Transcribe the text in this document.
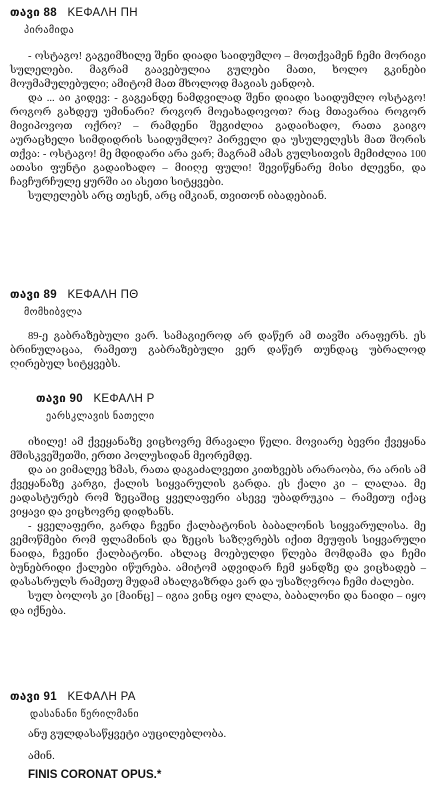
თავი 88 ΚΕΦΑΛΗ ΠΗ
პირამიდა

- ოსტაგო! გაგეიმხილე შენი დიადი საიდუმლო – მოთქვამენ ჩემი მორიგი სულელები. მაგრამ გაავებულია გულები მათი, ხოლო გკინები მოუმამულებული; ამიტომ მათ მხოლოდ მაგიას ეანდობ.

და ... აი კიდევ: - გაგეანდე ნამდვილად შენი დიადი საიდუმლო ოსტაგო! როგორ გახდეუ უმინარი? როგორ მოეახადოვოთ? რაც მთავარია როგორ მივიპოვოთ ოქრო? – რამდენი შეგიძლია გადაიხადო, რათა გაიგო აურაცხელი სიმდიდრის საიდუმლო? პირველი და უსულელესს მათ შორის თქვა: - ოსტაგო! მე მდიდარი არა ვარ; მაგრამ ამას გულსითვის მემიძლია 100 ათასი ფუნტი გადაიხადო – მიიღე ფული! შევიწყნარე მისი ძლევნი, და ჩავჩურჩულე ყურში აი ასეთი სიტყვები.

სულელებს არც თესენ, არც იმკიან, თვითონ იბადებიან.

თავი 89 ΚΕΦΑΛΗ ΠΘ
მომხიბვლა

89-ე გაბრაზებული ვარ. სამაგიეროდ არ დაწერ ამ თავში არაფერს. ეს ბრინულაცაა, რამეთუ გაბრაზებული ვერ დაწერ თუნდაც უბრალოდ ღირებულ სიტყვებს.

თავი 90 ΚΕΦΑΛΗ Ρ
ეარსკლავის ნათელი

იხილე! ამ ქვეყანაზე ვიცხოვრე მრავალი წელი. მოვიარე ბევრი ქვეყანა მშისკვეშეთში, ერთი პოლუსიდან მეორემდე.

და აი ვიმალევ ხმას, რათა დაგაძალვეთი კითხვებს არარაობა, რა არის ამ ქვეყანაზე კარგი, ქალის სიყვარულის გარდა. ეს ქალი კი – ლალაა. მე ეადასტურებ რომ ზეცაშიც ყველაფერი ასევე უბადრუკია – რამეთუ იქაც ვიყავი და ვიცხოვრე დიდხანს.

- ყველაფერი, გარდა ჩვენი ქალბატონის ბაბალონის სიყვარულისა. მე ვემოწმები რომ ფლამინის და ზეცის საზღვრებს იქით მეუფის სიყვარული ნაიდა, ჩვეინი ქალბატონი. ახლაც მოებულდი წლება მომდამა და ჩემი ბუნებრიდი ქალები იწურება. ამიტომ ადვიდარ ჩემ ყანდზე და ვიცხადებ – დასასრულს რამეთუ მუდამ ახალგაზრდა ვარ და უსაზღვროა ჩემი ძალები.

სულ ბოლოს კი [მაინც] – იგია ვინც იყო ლალა, ბაბალონი და ნაიდი – იყო და იქნება.

თავი 91 ΚΕΦΑΛΗ ΡΑ
დასანანი წერილმანი

ანუ გულდასაწყვეტი აუცილებლობა.

ამინ.

FINIS CORONAT OPUS.*
